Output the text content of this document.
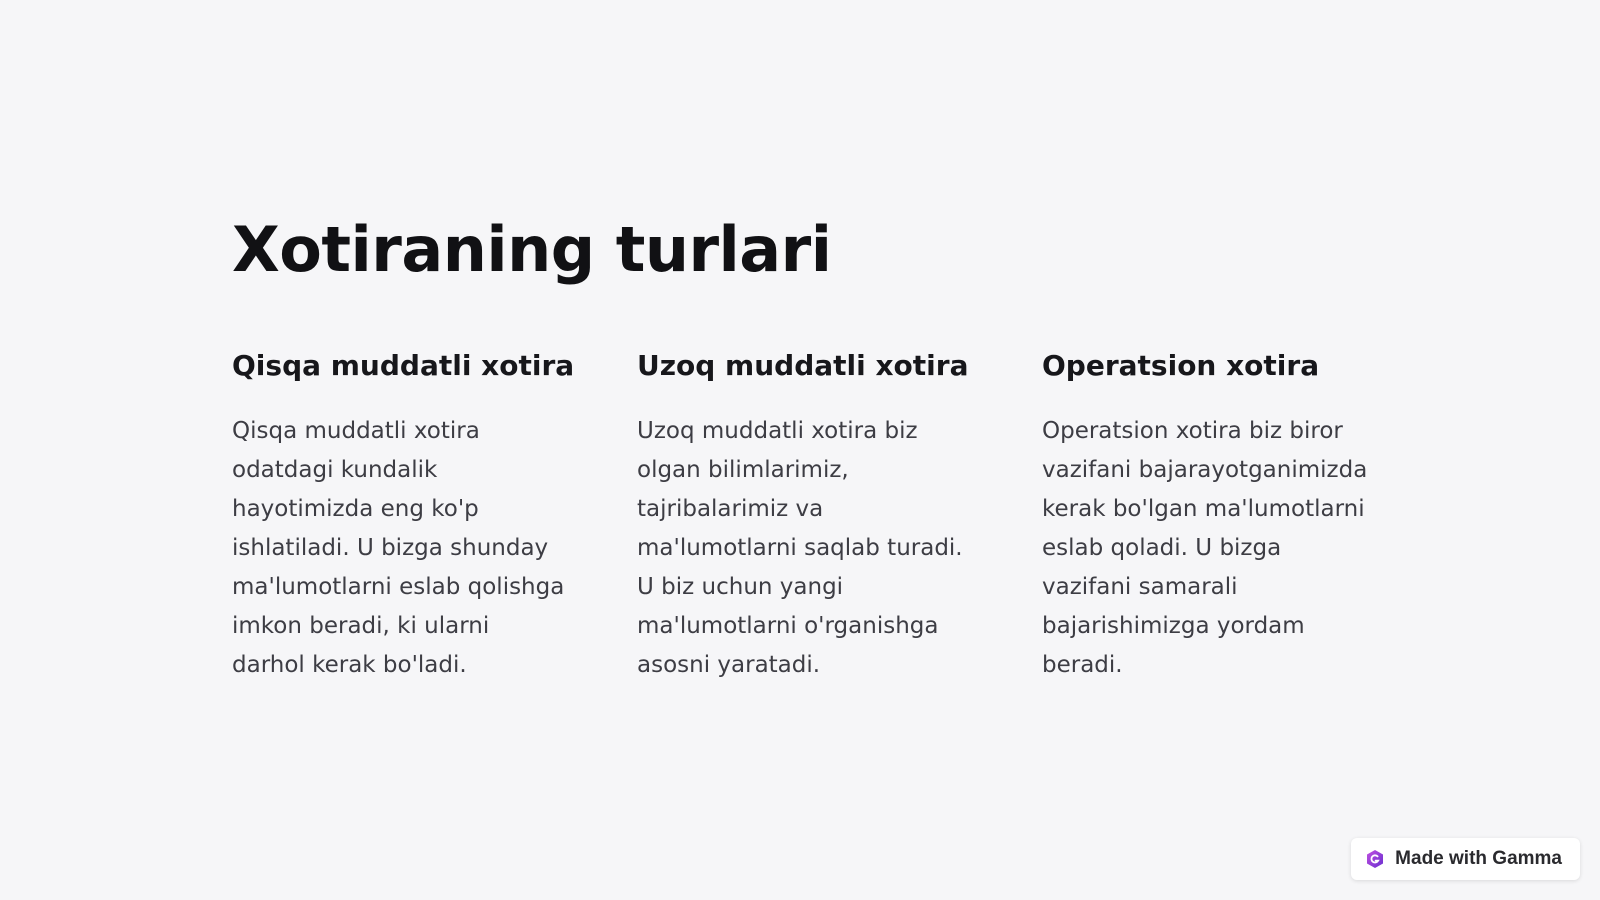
Xotiraning turlari
Qisqa muddatli xotira

Qisqa muddatli xotira odatdagi kundalik hayotimizda eng ko'p ishlatiladi. U bizga shunday ma'lumotlarni eslab qolishga imkon beradi, ki ularni darhol kerak bo'ladi.

Uzoq muddatli xotira

Uzoq muddatli xotira biz olgan bilimlarimiz, tajribalarimiz va ma'lumotlarni saqlab turadi. U biz uchun yangi ma'lumotlarni o'rganishga asosni yaratadi.

Operatsion xotira

Operatsion xotira biz biror vazifani bajarayotganimizda kerak bo'lgan ma'lumotlarni eslab qoladi. U bizga vazifani samarali bajarishimizga yordam beradi.

Made with Gamma
